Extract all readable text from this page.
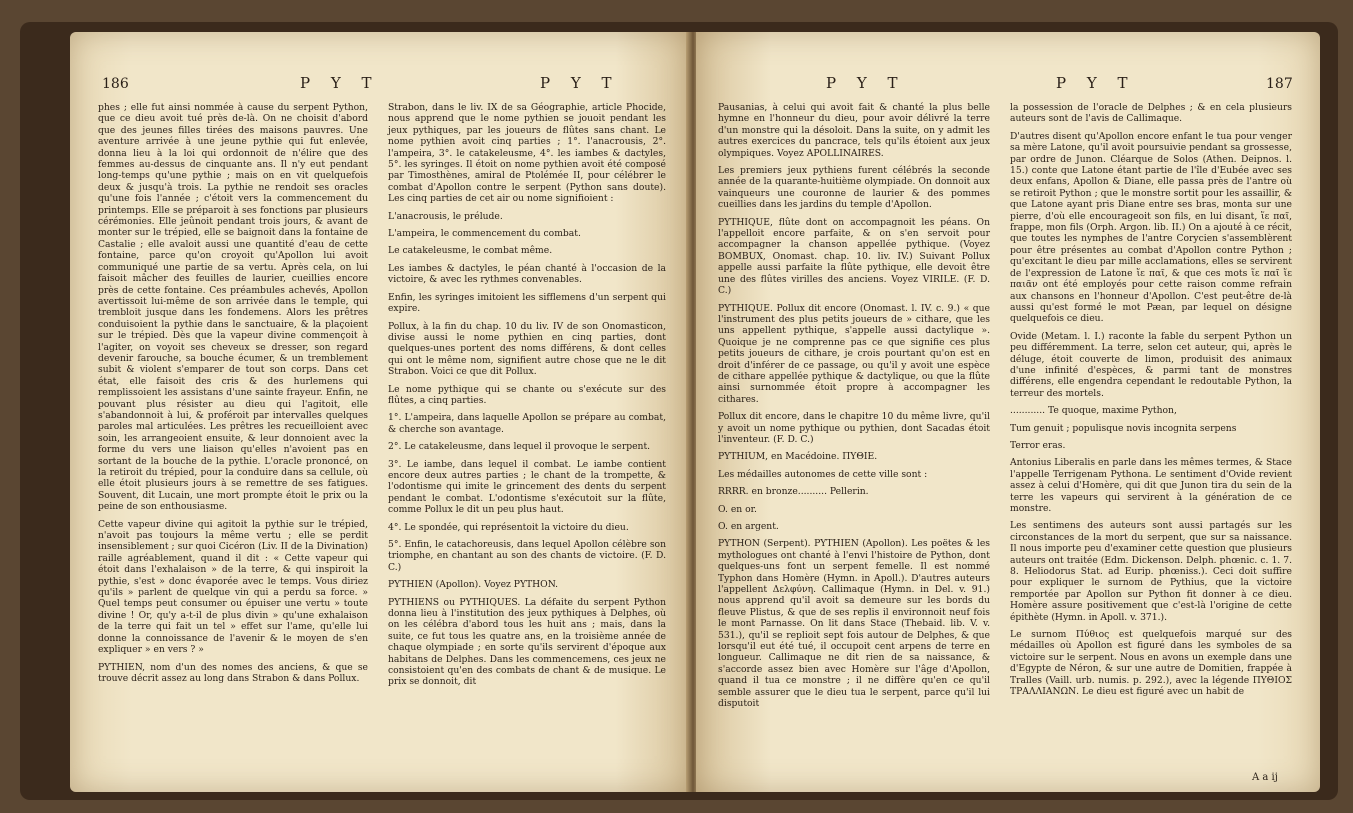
186	P Y T	P Y T

phes ; elle fut ainsi nommée à cause du serpent Python, que ce dieu avoit tué près de-là. On ne choisit d'abord que des jeunes filles tirées des maisons pauvres. Une aventure arrivée à une jeune pythie qui fut enlevée, donna lieu à la loi qui ordonnoit de n'élire que des femmes au-dessus de cinquante ans. Il n'y eut pendant long-temps qu'une pythie ; mais on en vit quelquefois deux & jusqu'à trois. La pythie ne rendoit ses oracles qu'une fois l'année ; c'étoit vers la commencement du printemps. Elle se préparoit à ses fonctions par plusieurs cérémonies. Elle jeûnoit pendant trois jours, & avant de monter sur le trépied, elle se baignoit dans la fontaine de Castalie ; elle avaloit aussi une quantité d'eau de cette fontaine, parce qu'on croyoit qu'Apollon lui avoit communiqué une partie de sa vertu. Après cela, on lui faisoit mâcher des feuilles de laurier, cueillies encore près de cette fontaine. Ces préambules achevés, Apollon avertissoit lui-même de son arrivée dans le temple, qui trembloit jusque dans les fondemens. Alors les prêtres conduisoient la pythie dans le sanctuaire, & la plaçoient sur le trépied. Dès que la vapeur divine commençoit à l'agiter, on voyoit ses cheveux se dresser, son regard devenir farouche, sa bouche écumer, & un tremblement subit & violent s'emparer de tout son corps. Dans cet état, elle faisoit des cris & des hurlemens qui remplissoient les assistans d'une sainte frayeur. Enfin, ne pouvant plus résister au dieu qui l'agitoit, elle s'abandonnoit à lui, & proféroit par intervalles quelques paroles mal articulées. Les prêtres les recueilloient avec soin, les arrangeoient ensuite, & leur donnoient avec la forme du vers une liaison qu'elles n'avoient pas en sortant de la bouche de la pythie. L'oracle prononcé, on la retiroit du trépied, pour la conduire dans sa cellule, où elle étoit plusieurs jours à se remettre de ses fatigues. Souvent, dit Lucain, une mort prompte étoit le prix ou la peine de son enthousiasme.

Cette vapeur divine qui agitoit la pythie sur le trépied, n'avoit pas toujours la même vertu ; elle se perdit insensiblement ; sur quoi Cicéron (Liv. II de la Divination) raille agréablement, quand il dit : « Cette vapeur qui étoit dans l'exhalaison » de la terre, & qui inspiroit la pythie, s'est » donc évaporée avec le temps. Vous diriez qu'ils » parlent de quelque vin qui a perdu sa force. » Quel temps peut consumer ou épuiser une vertu » toute divine ! Or, qu'y a-t-il de plus divin » qu'une exhalaison de la terre qui fait un tel » effet sur l'ame, qu'elle lui donne la connoissance de l'avenir & le moyen de s'en expliquer » en vers ? »

PYTHIEN, nom d'un des nomes des anciens, & que se trouve décrit assez au long dans Strabon & dans Pollux.

Strabon, dans le liv. IX de sa Géographie, article Phocide, nous apprend que le nome pythien se jouoit pendant les jeux pythiques, par les joueurs de flûtes sans chant. Le nome pythien avoit cinq parties ; 1°. l'anacrousis, 2°. l'ampeira, 3°. le catakeleusme, 4°. les iambes & dactyles, 5°. les syringes. Il étoit on nome pythien avoit été composé par Timosthènes, amiral de Ptolémée II, pour célébrer le combat d'Apollon contre le serpent (Python sans doute). Les cinq parties de cet air ou nome signifioient :

L'anacrousis, le prélude.

L'ampeira, le commencement du combat.

Le catakeleusme, le combat même.

Les iambes & dactyles, le péan chanté à l'occasion de la victoire, & avec les rythmes convenables.

Enfin, les syringes imitoient les sifflemens d'un serpent qui expire.

Pollux, à la fin du chap. 10 du liv. IV de son Onomasticon, divise aussi le nome pythien en cinq parties, dont quelques-unes portent des noms différens, & dont celles qui ont le même nom, signifient autre chose que ne le dit Strabon. Voici ce que dit Pollux.

Le nome pythique qui se chante ou s'exécute sur des flûtes, a cinq parties.

1°. L'ampeira, dans laquelle Apollon se prépare au combat, & cherche son avantage.

2°. Le catakeleusme, dans lequel il provoque le serpent.

3°. Le iambe, dans lequel il combat. Le iambe contient encore deux autres parties ; le chant de la trompette, & l'odontisme qui imite le grincement des dents du serpent pendant le combat. L'odontisme s'exécutoit sur la flûte, comme Pollux le dit un peu plus haut.

4°. Le spondée, qui représentoit la victoire du dieu.

5°. Enfin, le catachoreusis, dans lequel Apollon célèbre son triomphe, en chantant au son des chants de victoire. (F. D. C.)

PYTHIEN (Apollon). Voyez PYTHON.

PYTHIENS ou PYTHIQUES. La défaite du serpent Python donna lieu à l'institution des jeux pythiques à Delphes, où on les célébra d'abord tous les huit ans ; mais, dans la suite, ce fut tous les quatre ans, en la troisième année de chaque olympiade ; en sorte qu'ils servirent d'époque aux habitans de Delphes. Dans les commencemens, ces jeux ne consistoient qu'en des combats de chant & de musique. Le prix se donnoit, dit

P Y T	P Y T	187

Pausanias, à celui qui avoit fait & chanté la plus belle hymne en l'honneur du dieu, pour avoir délivré la terre d'un monstre qui la désoloit. Dans la suite, on y admit les autres exercices du pancrace, tels qu'ils étoient aux jeux olympiques. Voyez APOLLINAIRES.

Les premiers jeux pythiens furent célébrés la seconde année de la quarante-huitième olympiade. On donnoit aux vainqueurs une couronne de laurier & des pommes cueillies dans les jardins du temple d'Apollon.

PYTHIQUE, flûte dont on accompagnoit les péans. On l'appelloit encore parfaite, & on s'en servoit pour accompagner la chanson appellée pythique. (Voyez BOMBUX, Onomast. chap. 10. liv. IV.) Suivant Pollux appelle aussi parfaite la flûte pythique, elle devoit être une des flûtes virilles des anciens. Voyez VIRILE. (F. D. C.)

PYTHIQUE. Pollux dit encore (Onomast. l. IV. c. 9.) « que l'instrument des plus petits joueurs de » cithare, que les uns appellent pythique, s'appelle aussi dactylique ». Quoique je ne comprenne pas ce que signifie ces plus petits joueurs de cithare, je crois pourtant qu'on est en droit d'inférer de ce passage, ou qu'il y avoit une espèce de cithare appellée pythique & dactylique, ou que la flûte ainsi surnommée étoit propre à accompagner les cithares.

Pollux dit encore, dans le chapitre 10 du même livre, qu'il y avoit un nome pythique ou pythien, dont Sacadas étoit l'inventeur. (F. D. C.)

PYTHIUM, en Macédoine. ΠΥΘΙΕ.

Les médailles autonomes de cette ville sont :

RRRR. en bronze.......... Pellerin.

O. en or.

O. en argent.

PYTHON (Serpent). PYTHIEN (Apollon). Les poëtes & les mythologues ont chanté à l'envi l'histoire de Python, dont quelques-uns font un serpent femelle. Il est nommé Typhon dans Homère (Hymn. in Apoll.). D'autres auteurs l'appellent Δελφύνη. Callimaque (Hymn. in Del. v. 91.) nous apprend qu'il avoit sa demeure sur les bords du fleuve Plistus, & que de ses replis il environnoit neuf fois le mont Parnasse. On lit dans Stace (Thebaid. lib. V. v. 531.), qu'il se replioit sept fois autour de Delphes, & que lorsqu'il eut été tué, il occupoit cent arpens de terre en longueur. Callimaque ne dit rien de sa naissance, & s'accorde assez bien avec Homère sur l'âge d'Apollon, quand il tua ce monstre ; il ne diffère qu'en ce qu'il semble assurer que le dieu tua le serpent, parce qu'il lui disputoit

la possession de l'oracle de Delphes ; & en cela plusieurs auteurs sont de l'avis de Callimaque.

D'autres disent qu'Apollon encore enfant le tua pour venger sa mère Latone, qu'il avoit poursuivie pendant sa grossesse, par ordre de Junon. Cléarque de Solos (Athen. Deipnos. l. 15.) conte que Latone étant partie de l'île d'Eubée avec ses deux enfans, Apollon & Diane, elle passa près de l'antre où se retiroit Python ; que le monstre sortit pour les assaillir, & que Latone ayant pris Diane entre ses bras, monta sur une pierre, d'où elle encourageoit son fils, en lui disant, ἵε παῖ, frappe, mon fils (Orph. Argon. lib. II.) On a ajouté à ce récit, que toutes les nymphes de l'antre Corycien s'assemblèrent pour être présentes au combat d'Apollon contre Python ; qu'excitant le dieu par mille acclamations, elles se servirent de l'expression de Latone ἵε παῖ, & que ces mots ἵε παῖ ἵε παιᾶν ont été employés pour cette raison comme refrain aux chansons en l'honneur d'Apollon. C'est peut-être de-là aussi qu'est formé le mot Pæan, par lequel on désigne quelquefois ce dieu.

Ovide (Metam. l. I.) raconte la fable du serpent Python un peu différemment. La terre, selon cet auteur, qui, après le déluge, étoit couverte de limon, produisit des animaux d'une infinité d'espèces, & parmi tant de monstres différens, elle engendra cependant le redoutable Python, la terreur des mortels.

............ Te quoque, maxime Python,

Tum genuit ; populisque novis incognita serpens

Terror eras.

Antonius Liberalis en parle dans les mêmes termes, & Stace l'appelle Terrigenam Pythona. Le sentiment d'Ovide revient assez à celui d'Homère, qui dit que Junon tira du sein de la terre les vapeurs qui servirent à la génération de ce monstre.

Les sentimens des auteurs sont aussi partagés sur les circonstances de la mort du serpent, que sur sa naissance. Il nous importe peu d'examiner cette question que plusieurs auteurs ont traitée (Edm. Dickenson. Delph. phœnic. c. 1. 7. 8. Heliodorus Stat. ad Eurip. phœniss.). Ceci doit suffire pour expliquer le surnom de Pythius, que la victoire remportée par Apollon sur Python fit donner à ce dieu. Homère assure positivement que c'est-là l'origine de cette épithète (Hymn. in Apoll. v. 371.).

Le surnom Πύθιος est quelquefois marqué sur des médailles où Apollon est figuré dans les symboles de sa victoire sur le serpent. Nous en avons un exemple dans une d'Egypte de Néron, & sur une autre de Domitien, frappée à Tralles (Vaill. urb. numis. p. 292.), avec la légende ΠΥΘΙΟΣ ΤΡΑΛΛΙΑΝΩΝ. Le dieu est figuré avec un habit de

A a ij
